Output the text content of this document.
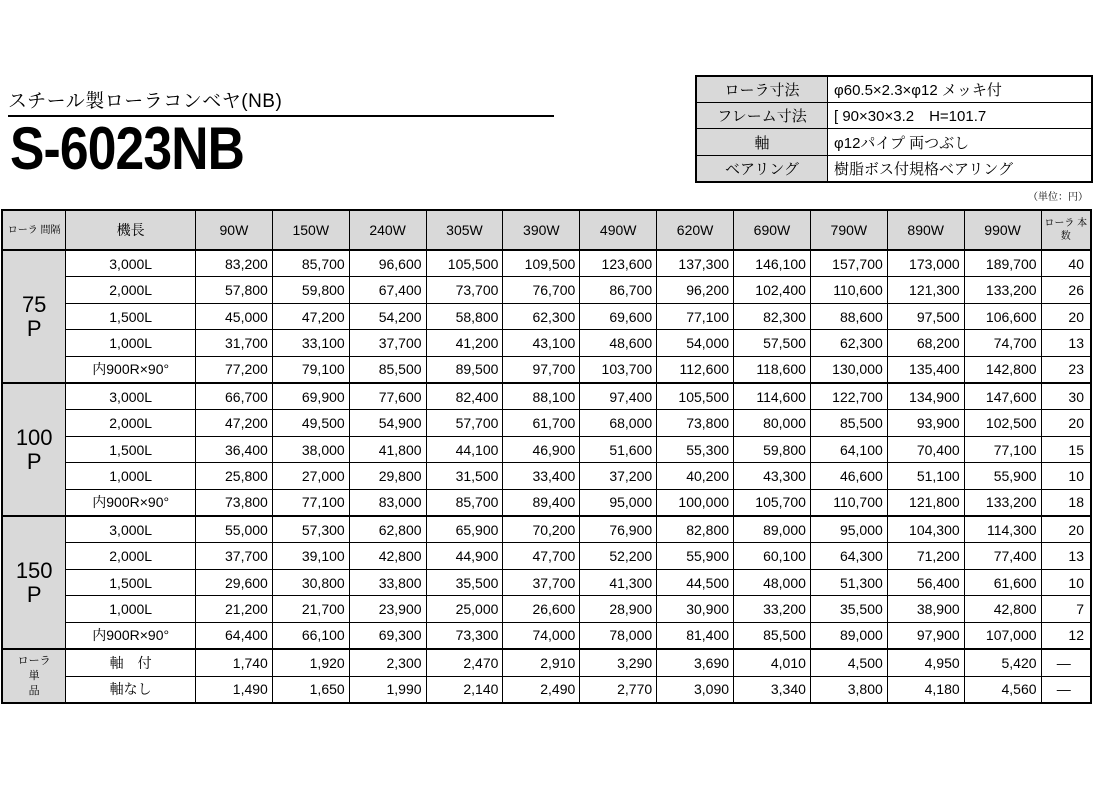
スチール製ローラコンベヤ(NB)
S-6023NB
ローラ寸法	φ60.5×2.3×φ12 メッキ付
フレーム寸法	[ 90×30×3.2　H=101.7
軸	φ12パイプ 両つぶし
ベアリング	樹脂ボス付規格ベアリング
（単位：円）
ローラ 間隔	機長	90W	150W	240W	305W	390W	490W	620W	690W	790W	890W	990W	ローラ 本数

75
P	3,000L	83,200	85,700	96,600	105,500	109,500	123,600	137,300	146,100	157,700	173,000	189,700	40
	2,000L	57,800	59,800	67,400	73,700	76,700	86,700	96,200	102,400	110,600	121,300	133,200	26
	1,500L	45,000	47,200	54,200	58,800	62,300	69,600	77,100	82,300	88,600	97,500	106,600	20
	1,000L	31,700	33,100	37,700	41,200	43,100	48,600	54,000	57,500	62,300	68,200	74,700	13
	内900R×90°	77,200	79,100	85,500	89,500	97,700	103,700	112,600	118,600	130,000	135,400	142,800	23

100
P	3,000L	66,700	69,900	77,600	82,400	88,100	97,400	105,500	114,600	122,700	134,900	147,600	30
	2,000L	47,200	49,500	54,900	57,700	61,700	68,000	73,800	80,000	85,500	93,900	102,500	20
	1,500L	36,400	38,000	41,800	44,100	46,900	51,600	55,300	59,800	64,100	70,400	77,100	15
	1,000L	25,800	27,000	29,800	31,500	33,400	37,200	40,200	43,300	46,600	51,100	55,900	10
	内900R×90°	73,800	77,100	83,000	85,700	89,400	95,000	100,000	105,700	110,700	121,800	133,200	18

150
P	3,000L	55,000	57,300	62,800	65,900	70,200	76,900	82,800	89,000	95,000	104,300	114,300	20
	2,000L	37,700	39,100	42,800	44,900	47,700	52,200	55,900	60,100	64,300	71,200	77,400	13
	1,500L	29,600	30,800	33,800	35,500	37,700	41,300	44,500	48,000	51,300	56,400	61,600	10
	1,000L	21,200	21,700	23,900	25,000	26,600	28,900	30,900	33,200	35,500	38,900	42,800	7
	内900R×90°	64,400	66,100	69,300	73,300	74,000	78,000	81,400	85,500	89,000	97,900	107,000	12

ローラ
単
品	軸　付	1,740	1,920	2,300	2,470	2,910	3,290	3,690	4,010	4,500	4,950	5,420	—
	軸なし	1,490	1,650	1,990	2,140	2,490	2,770	3,090	3,340	3,800	4,180	4,560	—
